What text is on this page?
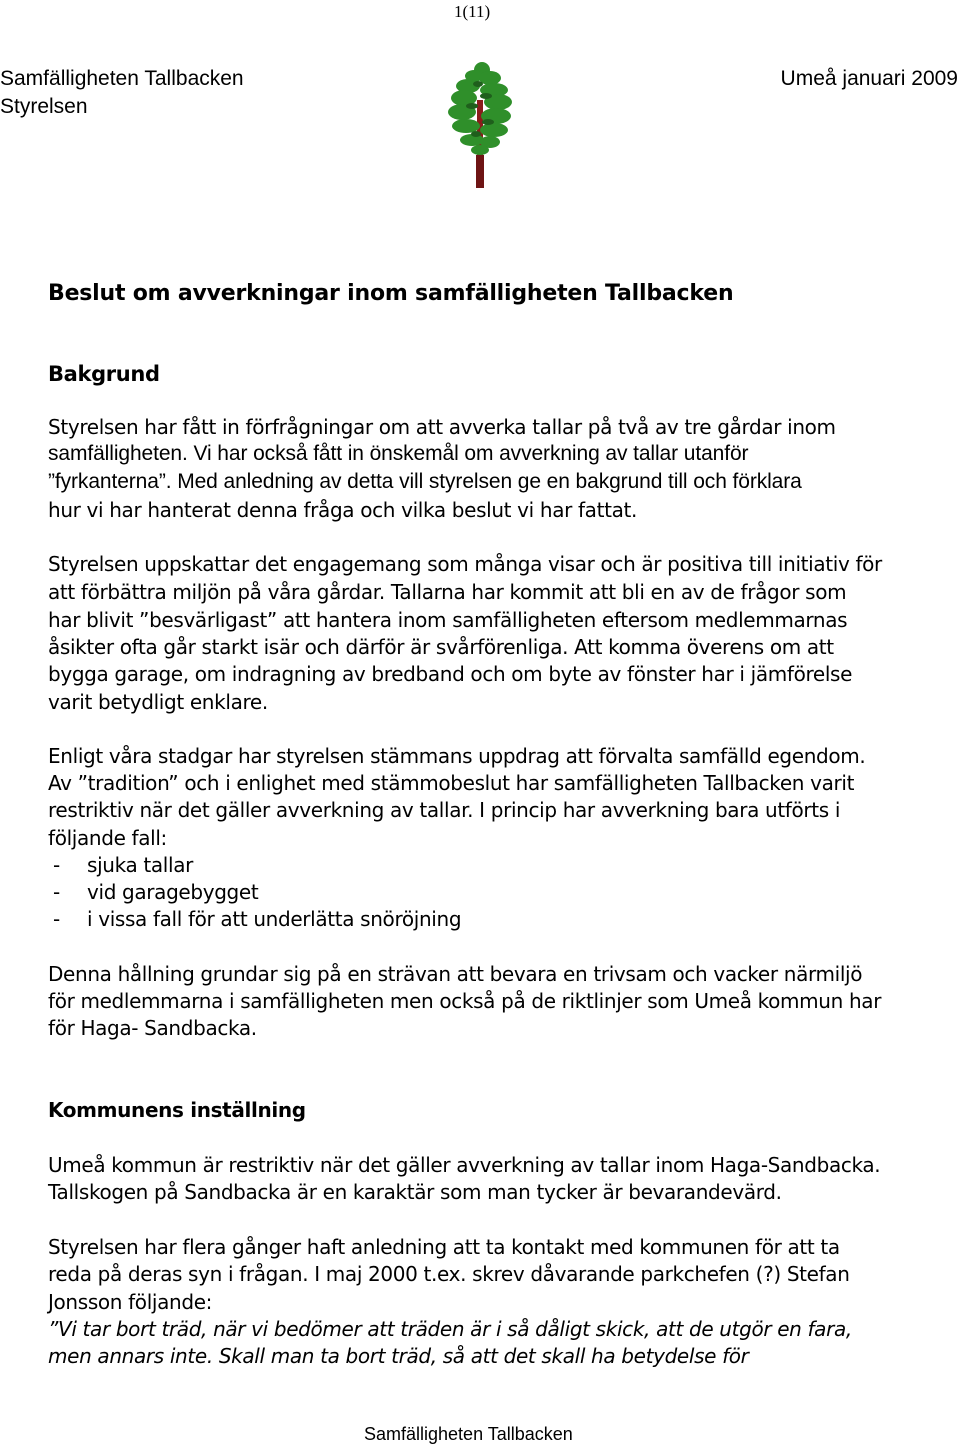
1(11)
Samfälligheten Tallbacken
Styrelsen
Umeå januari 2009
Beslut om avverkningar inom samfälligheten Tallbacken
Bakgrund
Styrelsen har fått in förfrågningar om att avverka tallar på två av tre gårdar inom
samfälligheten. Vi har också fått in önskemål om avverkning av tallar utanför
”fyrkanterna”. Med anledning av detta vill styrelsen ge en bakgrund till och förklara
hur vi har hanterat denna fråga och vilka beslut vi har fattat.
Styrelsen uppskattar det engagemang som många visar och är positiva till initiativ för
att förbättra miljön på våra gårdar. Tallarna har kommit att bli en av de frågor som
har blivit ”besvärligast” att hantera inom samfälligheten eftersom medlemmarnas
åsikter ofta går starkt isär och därför är svårförenliga. Att komma överens om att
bygga garage, om indragning av bredband och om byte av fönster har i jämförelse
varit betydligt enklare.
Enligt våra stadgar har styrelsen stämmans uppdrag att förvalta samfälld egendom.
Av ”tradition” och i enlighet med stämmobeslut har samfälligheten Tallbacken varit
restriktiv när det gäller avverkning av tallar. I princip har avverkning bara utförts i
följande fall:
- sjuka tallar
- vid garagebygget
- i vissa fall för att underlätta snöröjning
Denna hållning grundar sig på en strävan att bevara en trivsam och vacker närmiljö
för medlemmarna i samfälligheten men också på de riktlinjer som Umeå kommun har
för Haga- Sandbacka.
Kommunens inställning
Umeå kommun är restriktiv när det gäller avverkning av tallar inom Haga-Sandbacka.
Tallskogen på Sandbacka är en karaktär som man tycker är bevarandevärd.
Styrelsen har flera gånger haft anledning att ta kontakt med kommunen för att ta
reda på deras syn i frågan. I maj 2000 t.ex. skrev dåvarande parkchefen (?) Stefan
Jonsson följande:
”Vi tar bort träd, när vi bedömer att träden är i så dåligt skick, att de utgör en fara,
men annars inte. Skall man ta bort träd, så att det skall ha betydelse för
Samfälligheten Tallbacken
